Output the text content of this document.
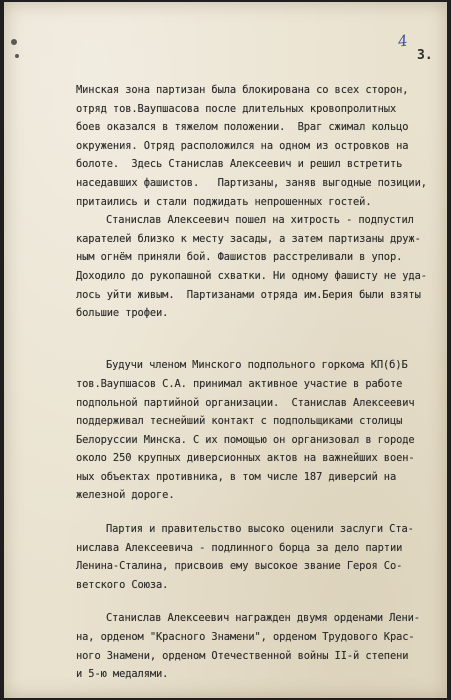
4
3.
Минская зона партизан была блокирована со всех сторон,
отряд тов.Ваупшасова после длительных кровопролитных
боев оказался в тяжелом положении.  Враг сжимал кольцо
окружения. Отряд расположился на одном из островков на
болоте.  Здесь Станислав Алексеевич и решил встретить
наседавших фашистов.   Партизаны, заняв выгодные позиции,
притаились и стали поджидать непрошенных гостей.
Станислав Алексеевич пошел на хитрость - подпустил
карателей близко к месту засады, а затем партизаны друж-
ным огнём приняли бой. Фашистов расстреливали в упор.
Доходило до рукопашной схватки. Ни одному фашисту не уда-
лось уйти живым.  Партизанами отряда им.Берия были взяты
большие трофеи.
Будучи членом Минского подпольного горкома КП(б)Б
тов.Ваупшасов С.А. принимал активное участие в работе
подпольной партийной организации.  Станислав Алексеевич
поддерживал теснейший контакт с подпольщиками столицы
Белоруссии Минска. С их помощью он организовал в городе
около 250 крупных диверсионных актов на важнейших воен-
ных объектах противника, в том числе 187 диверсий на
железной дороге.
Партия и правительство высоко оценили заслуги Ста-
нислава Алексеевича - подлинного борца за дело партии
Ленина-Сталина, присвоив ему высокое звание Героя Со-
ветского Союза.
Станислав Алексеевич награжден двумя орденами Лени-
на, орденом "Красного Знамени", орденом Трудового Крас-
ного Знамени, орденом Отечественной войны II-й степени
и 5-ю медалями.
